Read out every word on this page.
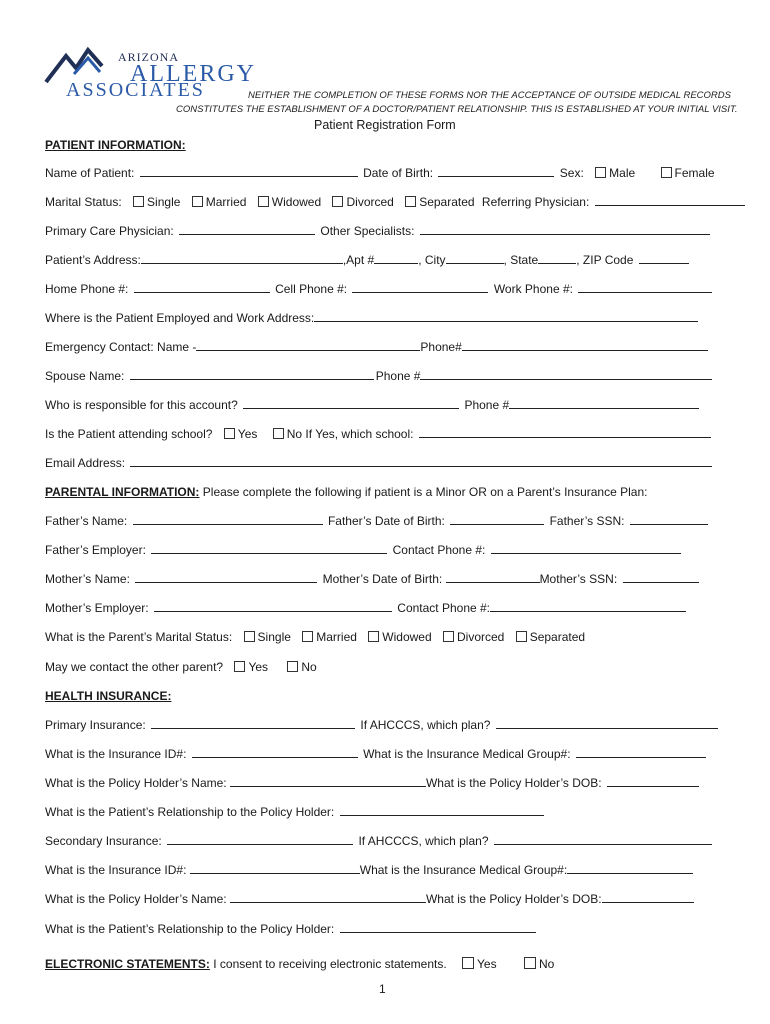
ARIZONA
ALLERGY
ASSOCIATES	NEITHER THE COMPLETION OF THESE FORMS NOR THE ACCEPTANCE OF OUTSIDE MEDICAL RECORDS
CONSTITUTES THE ESTABLISHMENT OF A DOCTOR/PATIENT RELATIONSHIP. THIS IS ESTABLISHED AT YOUR INITIAL VISIT.
Patient Registration Form
PATIENT INFORMATION:
Name of Patient:	Date of Birth:	Sex: Male	Female
Marital Status: Single Married Widowed Divorced Separated Referring Physician:
Primary Care Physician:	Other Specialists:
Patient’s Address:	,Apt #	, City	, State	, ZIP Code
Home Phone #:	Cell Phone #:	Work Phone #:
Where is the Patient Employed and Work Address:
Emergency Contact: Name -	Phone#
Spouse Name:	Phone #
Who is responsible for this account?	Phone #
Is the Patient attending school? Yes No If Yes, which school:
Email Address:
PARENTAL INFORMATION: Please complete the following if patient is a Minor OR on a Parent’s Insurance Plan:
Father’s Name:	Father’s Date of Birth:	Father’s SSN:
Father’s Employer:	Contact Phone #:
Mother’s Name:	Mother’s Date of Birth:	Mother’s SSN:
Mother’s Employer:	Contact Phone #:
What is the Parent’s Marital Status: Single Married Widowed Divorced Separated
May we contact the other parent? Yes	No
HEALTH INSURANCE:
Primary Insurance:	If AHCCCS, which plan?
What is the Insurance ID#:	What is the Insurance Medical Group#:
What is the Policy Holder’s Name:	What is the Policy Holder’s DOB:
What is the Patient’s Relationship to the Policy Holder:
Secondary Insurance:	If AHCCCS, which plan?
What is the Insurance ID#:	What is the Insurance Medical Group#:
What is the Policy Holder’s Name:	What is the Policy Holder’s DOB:
What is the Patient’s Relationship to the Policy Holder:
ELECTRONIC STATEMENTS: I consent to receiving electronic statements.	Yes	No
1
